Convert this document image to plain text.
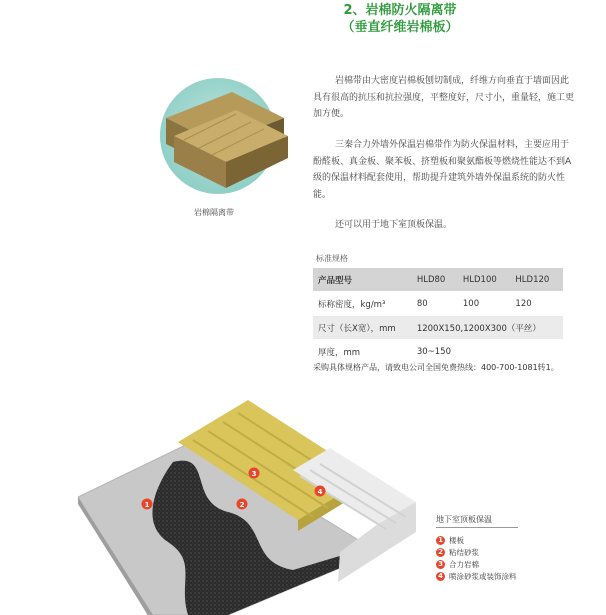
2、岩棉防火隔离带
（垂直纤维岩棉板）
岩棉隔离带

岩棉带由大密度岩棉板刨切制成，纤维方向垂直于墙面因此具有很高的抗压和抗拉强度，平整度好，尺寸小，重量轻，施工更加方便。

三秦合力外墙外保温岩棉带作为防火保温材料，主要应用于酚醛板、真金板、聚苯板、挤塑板和聚氨酯板等燃烧性能达不到A级的保温材料配套使用，帮助提升建筑外墙外保温系统的防火性能。

还可以用于地下室顶板保温。

标准规格
产品型号	HLD80	HLD100	HLD120
标称密度，kg/m³	80	100	120
尺寸（长X宽），mm	1200X150,1200X300（平丝）		
厚度，mm	30~150		
采购具体规格产品，请致电公司全国免费热线：400-700-1081转1。
1	2
3
4
地下室顶板保温
1 楼板
2 粘结砂浆
3 合力岩棉
4 喷涂砂浆或装饰涂料
